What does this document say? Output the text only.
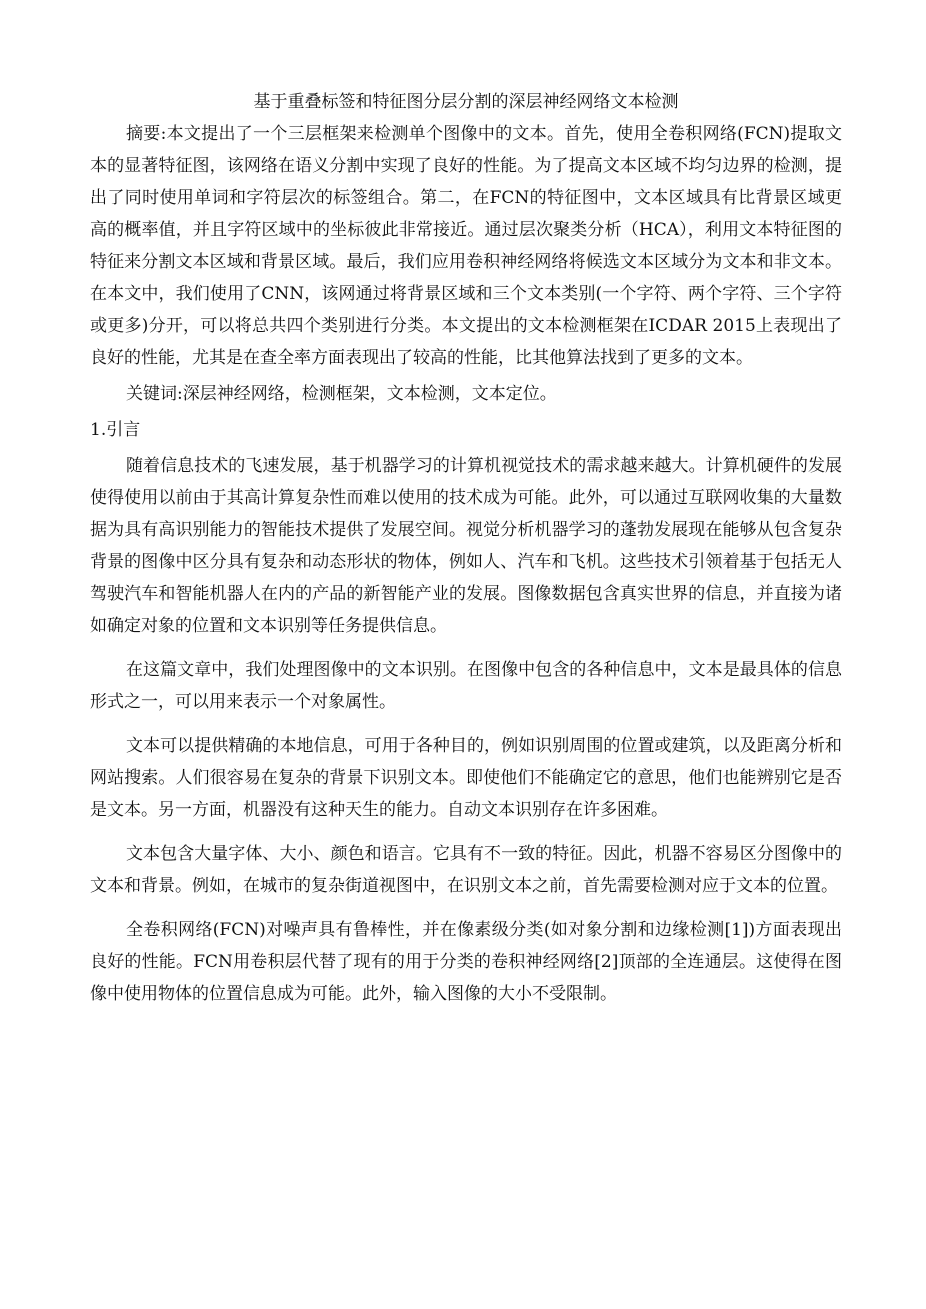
基于重叠标签和特征图分层分割的深层神经网络文本检测

摘要:本文提出了一个三层框架来检测单个图像中的文本。首先，使用全卷积网络(FCN)提取文本的显著特征图，该网络在语义分割中实现了良好的性能。为了提高文本区域不均匀边界的检测，提出了同时使用单词和字符层次的标签组合。第二，在FCN的特征图中，文本区域具有比背景区域更高的概率值，并且字符区域中的坐标彼此非常接近。通过层次聚类分析（HCA），利用文本特征图的特征来分割文本区域和背景区域。最后，我们应用卷积神经网络将候选文本区域分为文本和非文本。在本文中，我们使用了CNN，该网通过将背景区域和三个文本类别(一个字符、两个字符、三个字符或更多)分开，可以将总共四个类别进行分类。本文提出的文本检测框架在ICDAR 2015上表现出了良好的性能，尤其是在查全率方面表现出了较高的性能，比其他算法找到了更多的文本。

关键词:深层神经网络，检测框架，文本检测，文本定位。

1.引言

随着信息技术的飞速发展，基于机器学习的计算机视觉技术的需求越来越大。计算机硬件的发展使得使用以前由于其高计算复杂性而难以使用的技术成为可能。此外，可以通过互联网收集的大量数据为具有高识别能力的智能技术提供了发展空间。视觉分析机器学习的蓬勃发展现在能够从包含复杂背景的图像中区分具有复杂和动态形状的物体，例如人、汽车和飞机。这些技术引领着基于包括无人驾驶汽车和智能机器人在内的产品的新智能产业的发展。图像数据包含真实世界的信息，并直接为诸如确定对象的位置和文本识别等任务提供信息。

在这篇文章中，我们处理图像中的文本识别。在图像中包含的各种信息中，文本是最具体的信息形式之一，可以用来表示一个对象属性。

文本可以提供精确的本地信息，可用于各种目的，例如识别周围的位置或建筑，以及距离分析和网站搜索。人们很容易在复杂的背景下识别文本。即使他们不能确定它的意思，他们也能辨别它是否是文本。另一方面，机器没有这种天生的能力。自动文本识别存在许多困难。

文本包含大量字体、大小、颜色和语言。它具有不一致的特征。因此，机器不容易区分图像中的文本和背景。例如，在城市的复杂街道视图中，在识别文本之前，首先需要检测对应于文本的位置。

全卷积网络(FCN)对噪声具有鲁棒性，并在像素级分类(如对象分割和边缘检测[1])方面表现出良好的性能。FCN用卷积层代替了现有的用于分类的卷积神经网络[2]顶部的全连通层。这使得在图像中使用物体的位置信息成为可能。此外，输入图像的大小不受限制。
